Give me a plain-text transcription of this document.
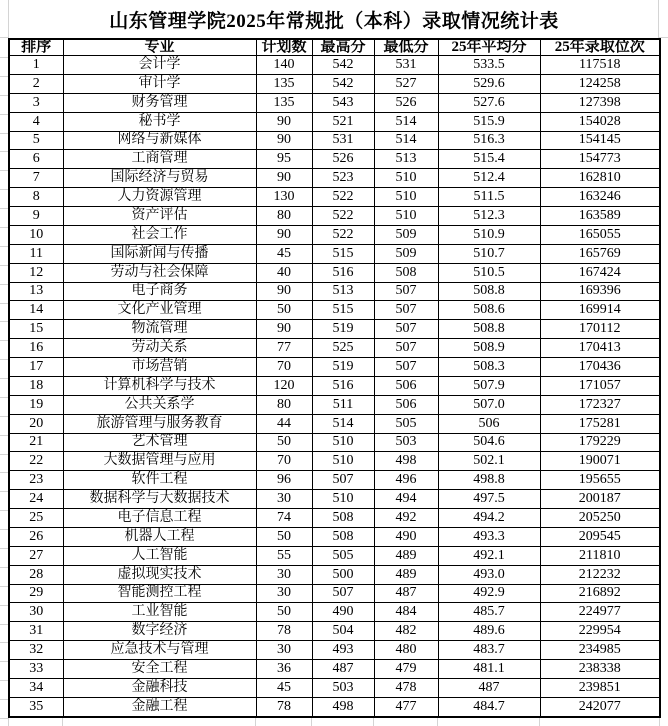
山东管理学院2025年常规批（本科）录取情况统计表
排序	专业	计划数	最高分	最低分	25年平均分	25年录取位次
1	会计学	140	542	531	533.5	117518
2	审计学	135	542	527	529.6	124258
3	财务管理	135	543	526	527.6	127398
4	秘书学	90	521	514	515.9	154028
5	网络与新媒体	90	531	514	516.3	154145
6	工商管理	95	526	513	515.4	154773
7	国际经济与贸易	90	523	510	512.4	162810
8	人力资源管理	130	522	510	511.5	163246
9	资产评估	80	522	510	512.3	163589
10	社会工作	90	522	509	510.9	165055
11	国际新闻与传播	45	515	509	510.7	165769
12	劳动与社会保障	40	516	508	510.5	167424
13	电子商务	90	513	507	508.8	169396
14	文化产业管理	50	515	507	508.6	169914
15	物流管理	90	519	507	508.8	170112
16	劳动关系	77	525	507	508.9	170413
17	市场营销	70	519	507	508.3	170436
18	计算机科学与技术	120	516	506	507.9	171057
19	公共关系学	80	511	506	507.0	172327
20	旅游管理与服务教育	44	514	505	506	175281
21	艺术管理	50	510	503	504.6	179229
22	大数据管理与应用	70	510	498	502.1	190071
23	软件工程	96	507	496	498.8	195655
24	数据科学与大数据技术	30	510	494	497.5	200187
25	电子信息工程	74	508	492	494.2	205250
26	机器人工程	50	508	490	493.3	209545
27	人工智能	55	505	489	492.1	211810
28	虚拟现实技术	30	500	489	493.0	212232
29	智能测控工程	30	507	487	492.9	216892
30	工业智能	50	490	484	485.7	224977
31	数字经济	78	504	482	489.6	229954
32	应急技术与管理	30	493	480	483.7	234985
33	安全工程	36	487	479	481.1	238338
34	金融科技	45	503	478	487	239851
35	金融工程	78	498	477	484.7	242077
